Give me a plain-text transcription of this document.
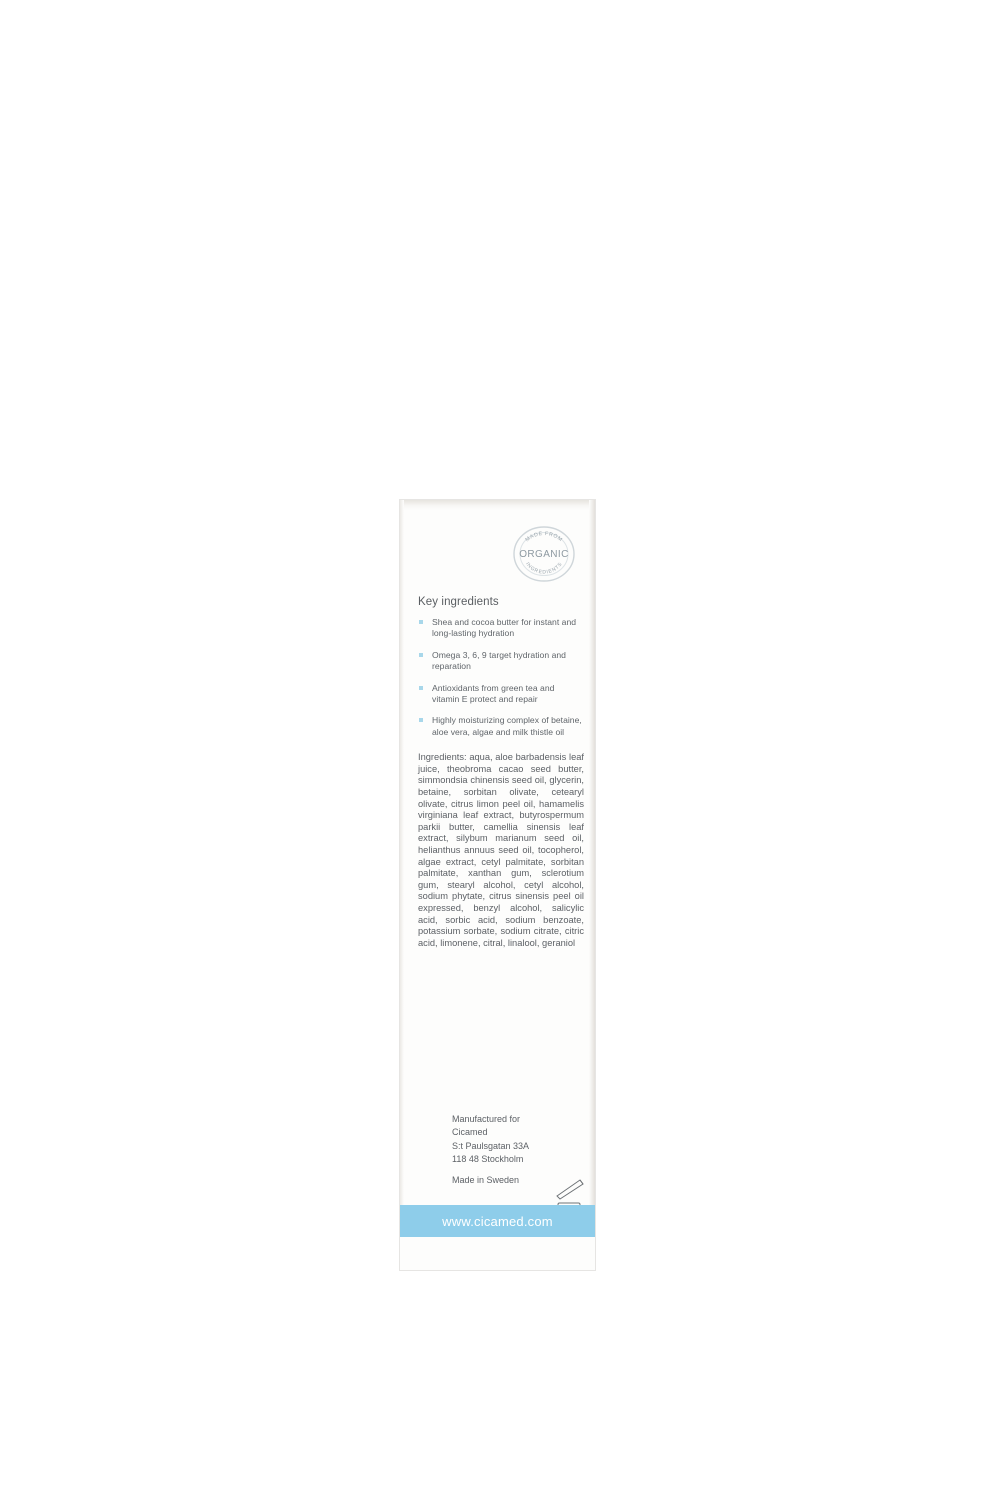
MADE FROM
ORGANIC
INGREDIENTS
Key ingredients
Shea and cocoa butter for instant and long-lasting hydration
Omega 3, 6, 9 target hydration and reparation
Antioxidants from green tea and vitamin E protect and repair
Highly moisturizing complex of betaine, aloe vera, algae and milk thistle oil

Ingredients: aqua, aloe barbadensis leaf juice, theobroma cacao seed butter, simmondsia chinensis seed oil, glycerin, betaine, sorbitan olivate, cetearyl olivate, citrus limon peel oil, hamamelis virginiana leaf extract, butyrospermum parkii butter, camellia sinensis leaf extract, silybum marianum seed oil, helianthus annuus seed oil, tocopherol, algae extract, cetyl palmitate, sorbitan palmitate, xanthan gum, sclerotium gum, stearyl alcohol, cetyl alcohol, sodium phytate, citrus sinensis peel oil expressed, benzyl alcohol, salicylic acid, sorbic acid, sodium benzoate, potassium sorbate, sodium citrate, citric acid, limonene, citral, linalool, geraniol

Manufactured for
Cicamed
S:t Paulsgatan 33A
118 48 Stockholm
Made in Sweden
www.cicamed.com
